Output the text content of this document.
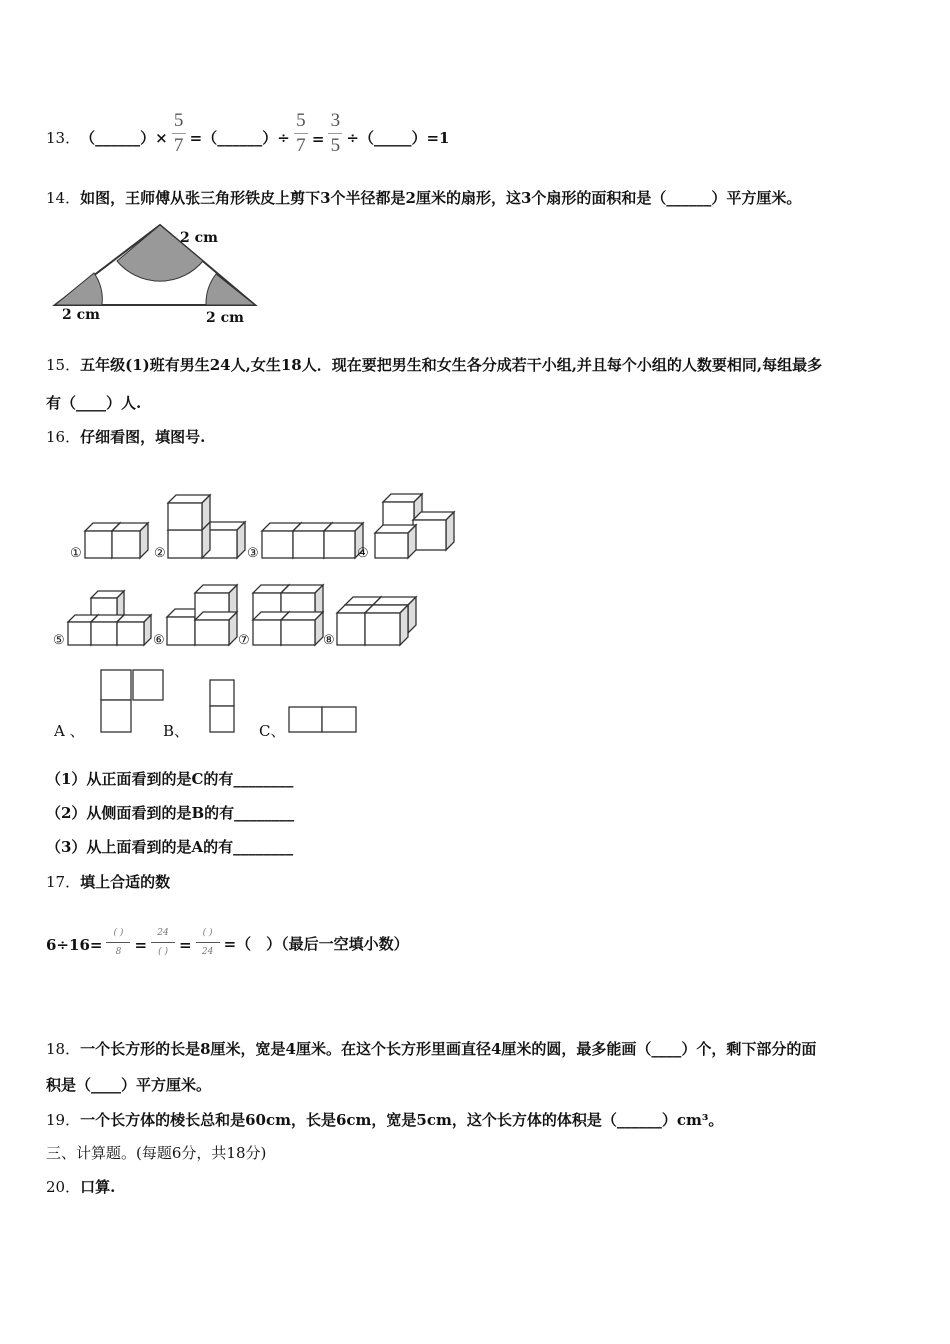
13． （______）× $\frac{5}{7}$ =（______）÷ $\frac{5}{7} = \frac{3}{5}$ ÷（_____）=1
14．如图，王师傅从张三角形铁皮上剪下3个半径都是2厘米的扇形，这3个扇形的面积和是（______）平方厘米。
2 cm
2 cm	2 cm
15．五年级(1)班有男生24人,女生18人．现在要把男生和女生各分成若干小组,并且每个小组的人数要相同,每组最多
有（____）人.
16．仔细看图，填图号.
①	②	③	④
⑤	⑥	⑦	⑧
A 、	B、	C、
（1）从正面看到的是C的有________
（2）从侧面看到的是B的有________
（3）从上面看到的是A的有________
17．填上合适的数
6÷16=
( )
8 =
24
( ) =
( )
24 =（　）（最后一空填小数）
18．一个长方形的长是8厘米，宽是4厘米。在这个长方形里画直径4厘米的圆，最多能画（____）个，剩下部分的面
积是（____）平方厘米。
19．一个长方体的棱长总和是60cm，长是6cm，宽是5cm，这个长方体的体积是（______）cm³。
三、计算题。(每题6分，共18分)
20．口算.
